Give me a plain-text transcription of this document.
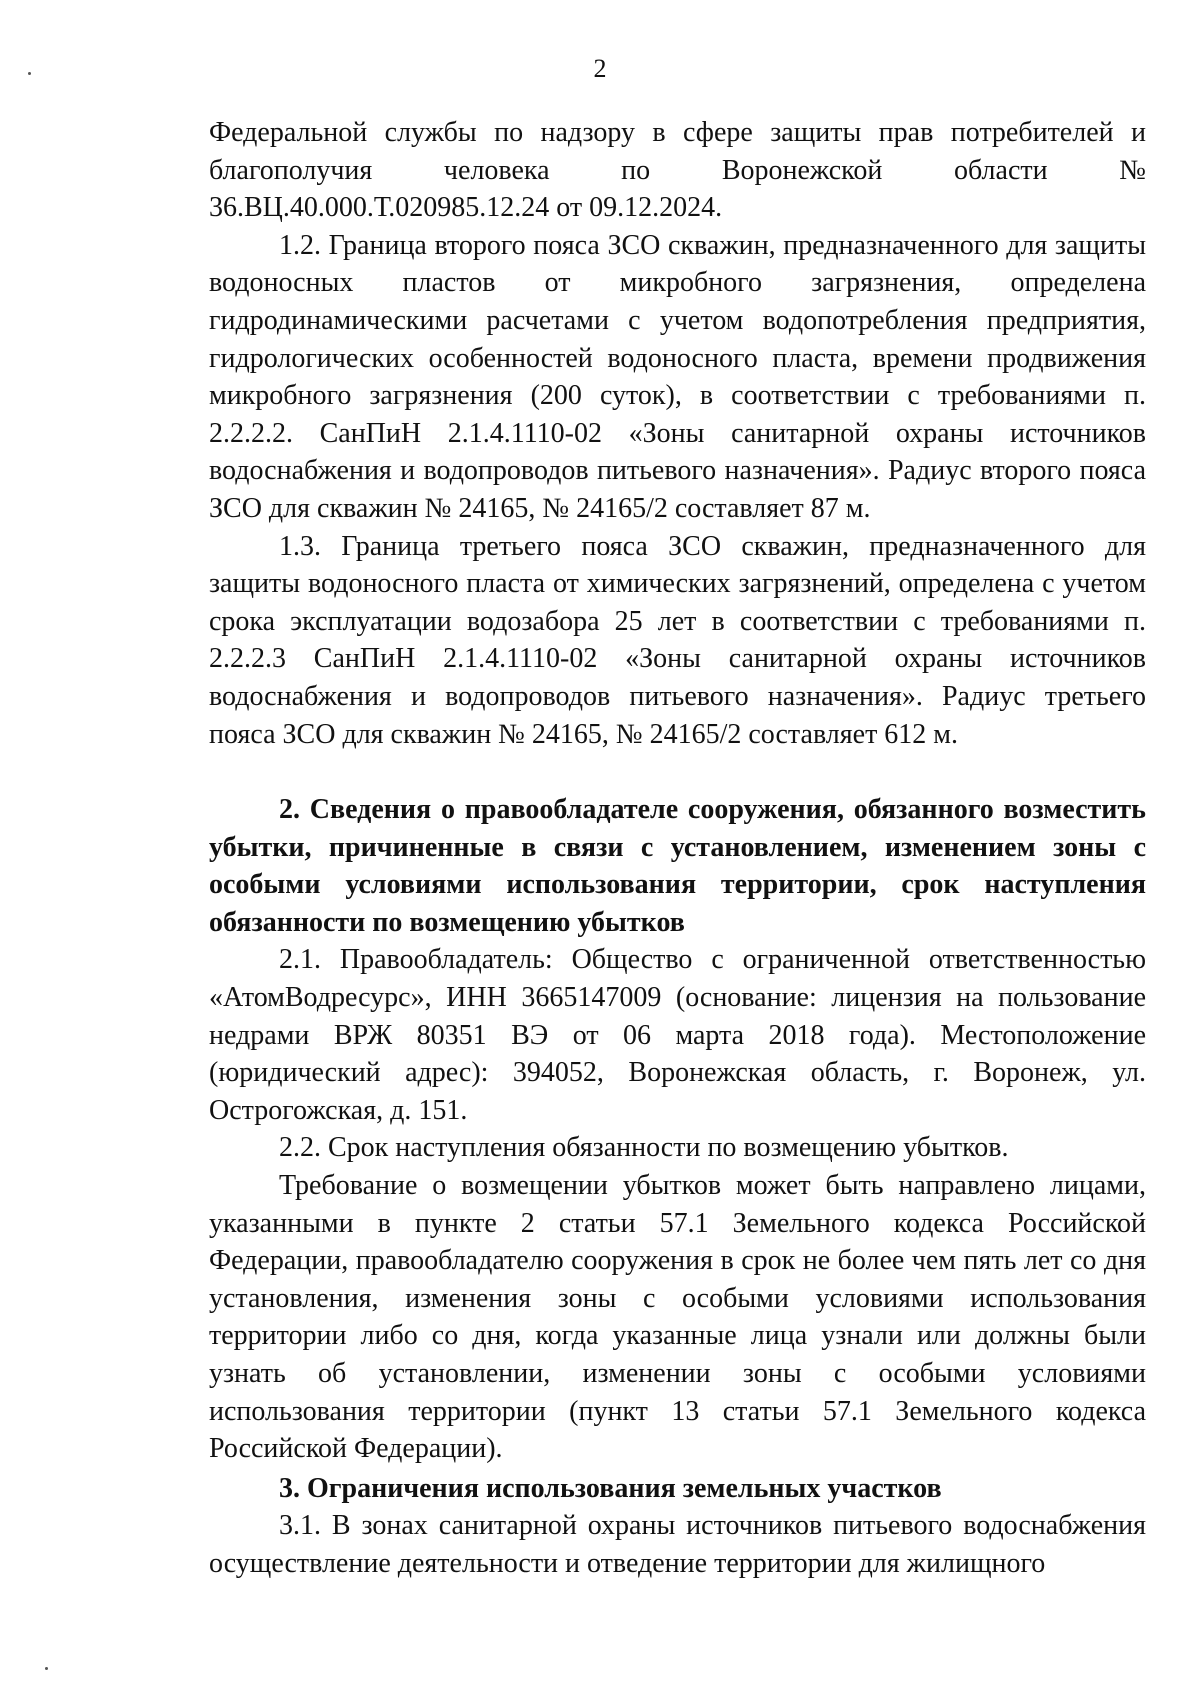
2

Федеральной службы по надзору в сфере защиты прав потребителей и благополучия человека по Воронежской области № 36.ВЦ.40.000.Т.020985.12.24 от 09.12.2024.

1.2. Граница второго пояса ЗСО скважин, предназначенного для защиты водоносных пластов от микробного загрязнения, определена гидродинамическими расчетами с учетом водопотребления предприятия, гидрологических особенностей водоносного пласта, времени продвижения микробного загрязнения (200 суток), в соответствии с требованиями п. 2.2.2.2. СанПиН 2.1.4.1110-02 «Зоны санитарной охраны источников водоснабжения и водопроводов питьевого назначения». Радиус второго пояса ЗСО для скважин № 24165, № 24165/2 составляет 87 м.

1.3. Граница третьего пояса ЗСО скважин, предназначенного для защиты водоносного пласта от химических загрязнений, определена с учетом срока эксплуатации водозабора 25 лет в соответствии с требованиями п. 2.2.2.3 СанПиН 2.1.4.1110-02 «Зоны санитарной охраны источников водоснабжения и водопроводов питьевого назначения». Радиус третьего пояса ЗСО для скважин № 24165, № 24165/2 составляет 612 м.

2. Сведения о правообладателе сооружения, обязанного возместить убытки, причиненные в связи с установлением, изменением зоны с особыми условиями использования территории, срок наступления обязанности по возмещению убытков

2.1. Правообладатель: Общество с ограниченной ответственностью «АтомВодресурс», ИНН 3665147009 (основание: лицензия на пользование недрами ВРЖ 80351 ВЭ от 06 марта 2018 года). Местоположение (юридический адрес): 394052, Воронежская область, г. Воронеж, ул. Острогожская, д. 151.

2.2. Срок наступления обязанности по возмещению убытков.

Требование о возмещении убытков может быть направлено лицами, указанными в пункте 2 статьи 57.1 Земельного кодекса Российской Федерации, правообладателю сооружения в срок не более чем пять лет со дня установления, изменения зоны с особыми условиями использования территории либо со дня, когда указанные лица узнали или должны были узнать об установлении, изменении зоны с особыми условиями использования территории (пункт 13 статьи 57.1 Земельного кодекса Российской Федерации).

3. Ограничения использования земельных участков

3.1. В зонах санитарной охраны источников питьевого водоснабжения осуществление деятельности и отведение территории для жилищного
